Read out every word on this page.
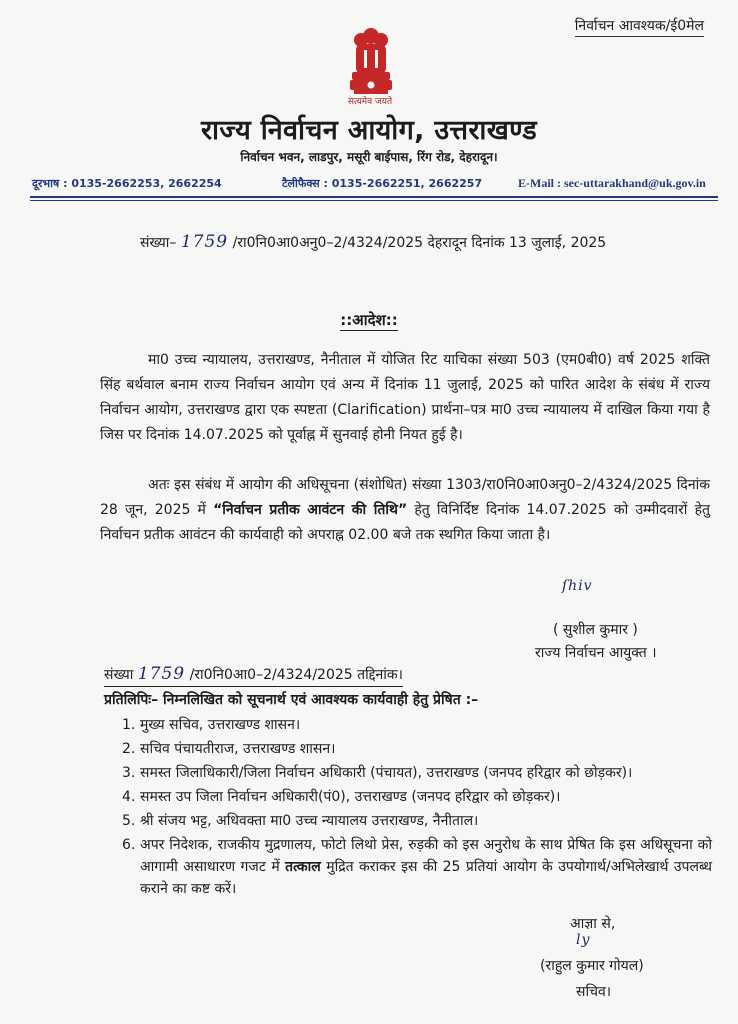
निर्वाचन आवश्यक/ई0मेल
सत्यमेव जयते
राज्य निर्वाचन आयोग, उत्तराखण्ड
निर्वाचन भवन, लाडपुर, मसूरी बाईपास, रिंग रोड, देहरादून।
दूरभाष : 0135-2662253, 2662254	टैलीफैक्स : 0135-2662251, 2662257	E-Mail : sec-uttarakhand@uk.gov.in
संख्या– 1759 /रा0नि0आ0अनु0–2/4324/2025 देहरादून दिनांक 13 जुलाई, 2025
::आदेश::
मा0 उच्च न्यायालय, उत्तराखण्ड, नैनीताल में योजित रिट याचिका संख्या 503 (एम0बी0) वर्ष 2025 शक्ति सिंह बर्थवाल बनाम राज्य निर्वाचन आयोग एवं अन्य में दिनांक 11 जुलाई, 2025 को पारित आदेश के संबंध में राज्य निर्वाचन आयोग, उत्तराखण्ड द्वारा एक स्पष्टता (Clarification) प्रार्थना–पत्र मा0 उच्च न्यायालय में दाखिल किया गया है जिस पर दिनांक 14.07.2025 को पूर्वाह्न में सुनवाई होनी नियत हुई है।
अतः इस संबंध में आयोग की अधिसूचना (संशोधित) संख्या 1303/रा0नि0आ0अनु0–2/4324/2025 दिनांक 28 जून, 2025 में “निर्वाचन प्रतीक आवंटन की तिथि” हेतु विनिर्दिष्ट दिनांक 14.07.2025 को उम्मीदवारों हेतु निर्वाचन प्रतीक आवंटन की कार्यवाही को अपराह्न 02.00 बजे तक स्थगित किया जाता है।
ſhiv
( सुशील कुमार )
राज्य निर्वाचन आयुक्त ।
संख्या 1759 /रा0नि0आ0–2/4324/2025 तद्दिनांक।
प्रतिलिपिः– निम्नलिखित को सूचनार्थ एवं आवश्यक कार्यवाही हेतु प्रेषित :–
1. मुख्य सचिव, उत्तराखण्ड शासन।
2. सचिव पंचायतीराज, उत्तराखण्ड शासन।
3. समस्त जिलाधिकारी/जिला निर्वाचन अधिकारी (पंचायत), उत्तराखण्ड (जनपद हरिद्वार को छोड़कर)।
4. समस्त उप जिला निर्वाचन अधिकारी(पं0), उत्तराखण्ड (जनपद हरिद्वार को छोड़कर)।
5. श्री संजय भट्ट, अधिवक्ता मा0 उच्च न्यायालय उत्तराखण्ड, नैनीताल।
6. अपर निदेशक, राजकीय मुद्रणालय, फोटो लिथो प्रेस, रुड़की को इस अनुरोध के साथ प्रेषित कि इस अधिसूचना को आगामी असाधारण गजट में तत्काल मुद्रित कराकर इस की 25 प्रतियां आयोग के उपयोगार्थ/अभिलेखार्थ उपलब्ध कराने का कष्ट करें।
आज्ञा से,
ly
(राहुल कुमार गोयल)
सचिव।
